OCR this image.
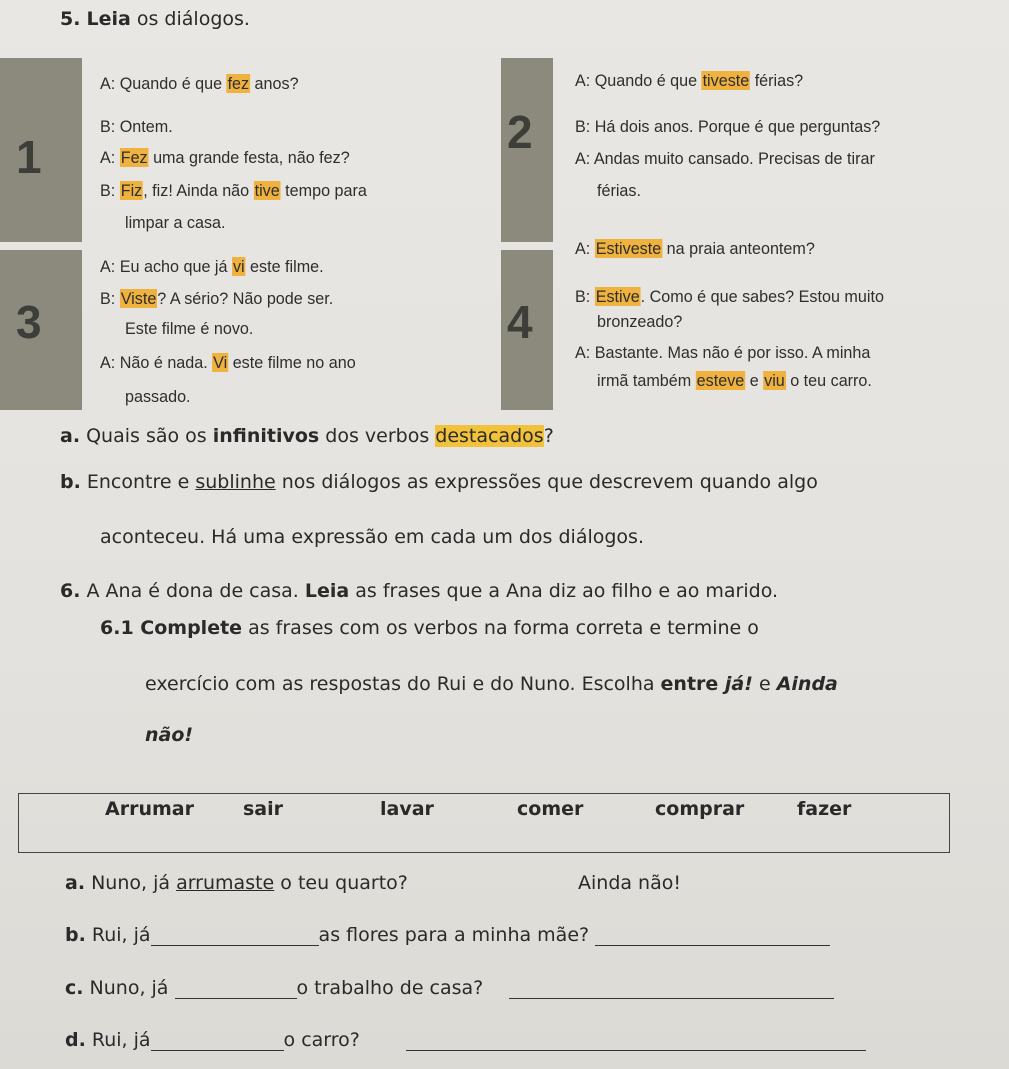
5. Leia os diálogos.
1
A: Quando é que fez anos?
B: Ontem.
A: Fez uma grande festa, não fez?
B: Fiz, fiz! Ainda não tive tempo para
limpar a casa.
2
A: Quando é que tiveste férias?
B: Há dois anos. Porque é que perguntas?
A: Andas muito cansado. Precisas de tirar
férias.
3
A: Eu acho que já vi este filme.
B: Viste? A sério? Não pode ser.
Este filme é novo.
A: Não é nada. Vi este filme no ano
passado.
4
A: Estiveste na praia anteontem?
B: Estive. Como é que sabes? Estou muito
bronzeado?
A: Bastante. Mas não é por isso. A minha
irmã também esteve e viu o teu carro.
a. Quais são os infinitivos dos verbos destacados?
b. Encontre e sublinhe nos diálogos as expressões que descrevem quando algo
aconteceu. Há uma expressão em cada um dos diálogos.
6. A Ana é dona de casa. Leia as frases que a Ana diz ao filho e ao marido.
6.1 Complete as frases com os verbos na forma correta e termine o
exercício com as respostas do Rui e do Nuno. Escolha entre já! e Ainda
não!
Arrumar	sair	lavar	comer	comprar	fazer
a. Nuno, já arrumaste o teu quarto?	Ainda não!
b. Rui, já	as flores para a minha mãe?
c. Nuno, já	o trabalho de casa?
d. Rui, já	o carro?
